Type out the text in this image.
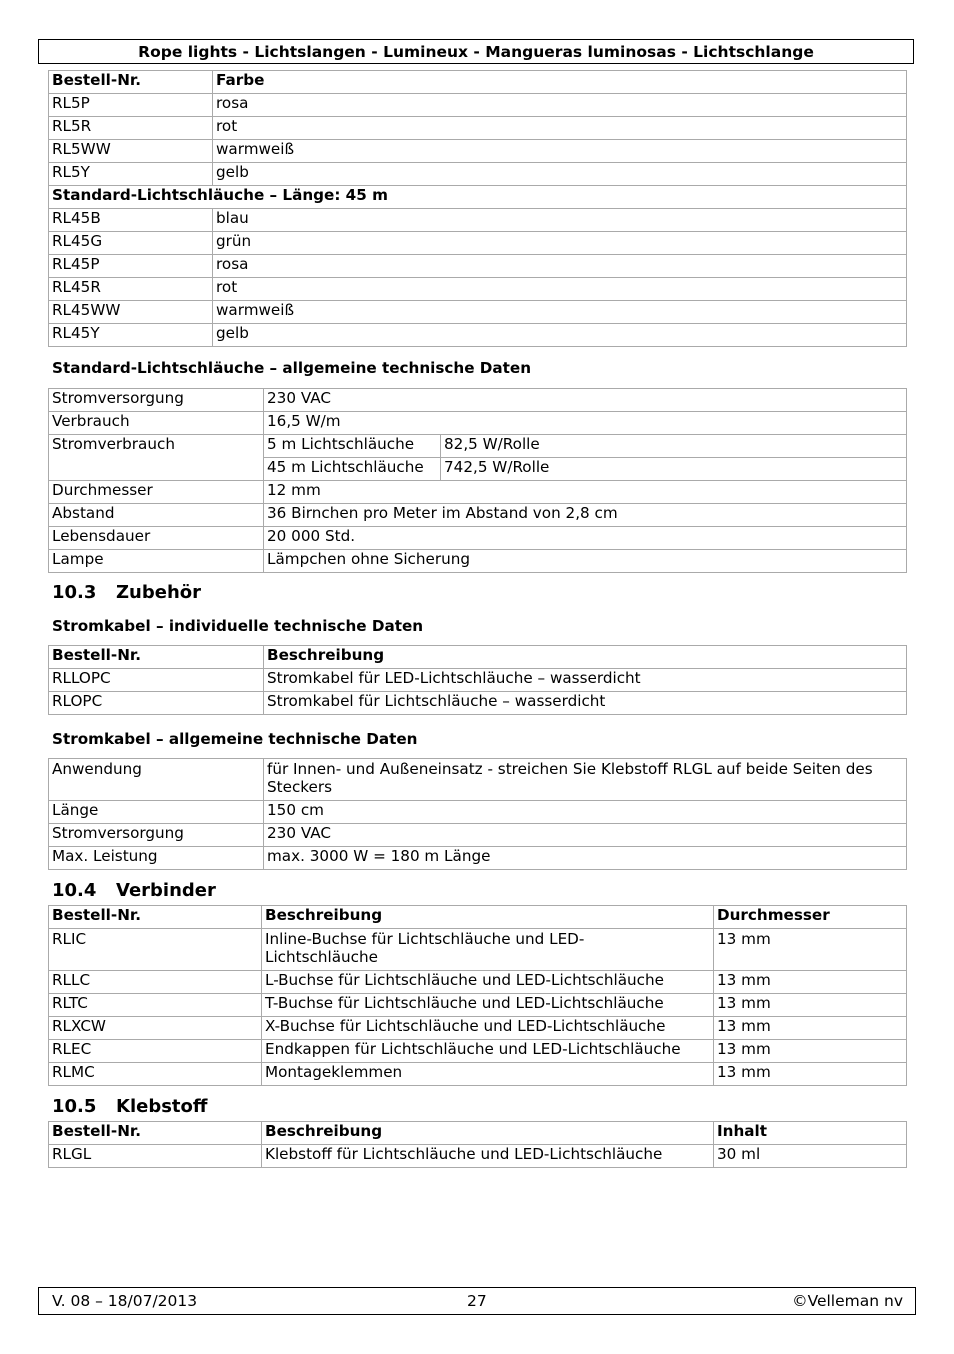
Rope lights - Lichtslangen - Lumineux - Mangueras luminosas - Lichtschlange
Bestell-Nr.	Farbe
RL5P	rosa
RL5R	rot
RL5WW	warmweiß
RL5Y	gelb
Standard-Lichtschläuche – Länge: 45 m	
RL45B	blau
RL45G	grün
RL45P	rosa
RL45R	rot
RL45WW	warmweiß
RL45Y	gelb
Standard-Lichtschläuche – allgemeine technische Daten
Stromversorgung	230 VAC	
Verbrauch	16,5 W/m	
Stromverbrauch	5 m Lichtschläuche	82,5 W/Rolle
	45 m Lichtschläuche	742,5 W/Rolle
Durchmesser	12 mm	
Abstand	36 Birnchen pro Meter im Abstand von 2,8 cm	
Lebensdauer	20 000 Std.	
Lampe	Lämpchen ohne Sicherung	
10.3 Zubehör
Stromkabel – individuelle technische Daten
Bestell-Nr.	Beschreibung
RLLOPC	Stromkabel für LED-Lichtschläuche – wasserdicht
RLOPC	Stromkabel für Lichtschläuche – wasserdicht
Stromkabel – allgemeine technische Daten
Anwendung	für Innen- und Außeneinsatz - streichen Sie Klebstoff RLGL auf beide Seiten des Steckers
Länge	150 cm
Stromversorgung	230 VAC
Max. Leistung	max. 3000 W = 180 m Länge
10.4 Verbinder
Bestell-Nr.	Beschreibung	Durchmesser
RLIC	Inline-Buchse für Lichtschläuche und LED-Lichtschläuche	13 mm
RLLC	L-Buchse für Lichtschläuche und LED-Lichtschläuche	13 mm
RLTC	T-Buchse für Lichtschläuche und LED-Lichtschläuche	13 mm
RLXCW	X-Buchse für Lichtschläuche und LED-Lichtschläuche	13 mm
RLEC	Endkappen für Lichtschläuche und LED-Lichtschläuche	13 mm
RLMC	Montageklemmen	13 mm
10.5 Klebstoff
Bestell-Nr.	Beschreibung	Inhalt
RLGL	Klebstoff für Lichtschläuche und LED-Lichtschläuche	30 ml
V. 08 – 18/07/2013	27	©Velleman nv
